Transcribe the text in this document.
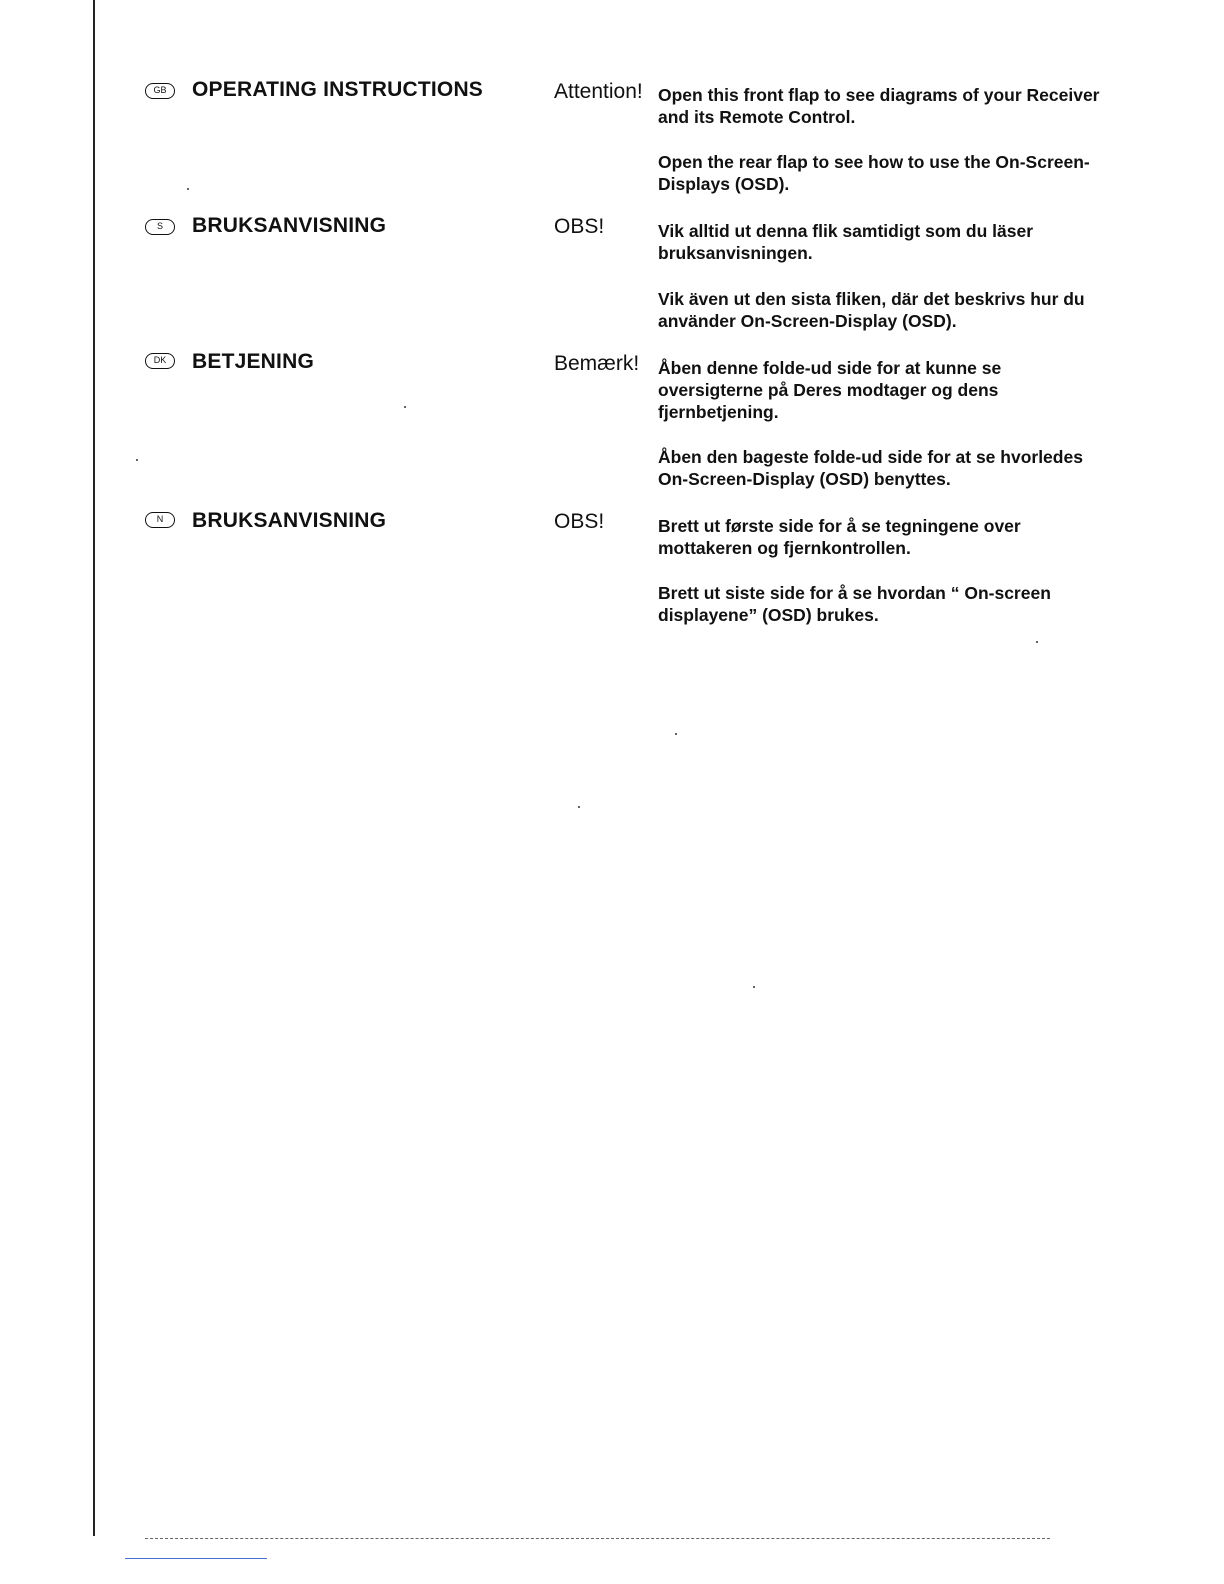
GB	OPERATING INSTRUCTIONS	Attention! Open this front flap to see diagrams of your Receiver and its Remote Control.
Open the rear flap to see how to use the On-Screen-Displays (OSD).
S	BRUKSANVISNING	OBS!	Vik alltid ut denna flik samtidigt som du läser bruksanvisningen.
Vik även ut den sista fliken, där det beskrivs hur du använder On-Screen-Display (OSD).
DK	BETJENING	Bemærk! Åben denne folde-ud side for at kunne se oversigterne på Deres modtager og dens fjernbetjening.
Åben den bageste folde-ud side for at se hvorledes On-Screen-Display (OSD) benyttes.
N	BRUKSANVISNING	OBS!	Brett ut første side for å se tegningene over mottakeren og fjernkontrollen.
Brett ut siste side for å se hvordan “ On-screen displayene” (OSD) brukes.
